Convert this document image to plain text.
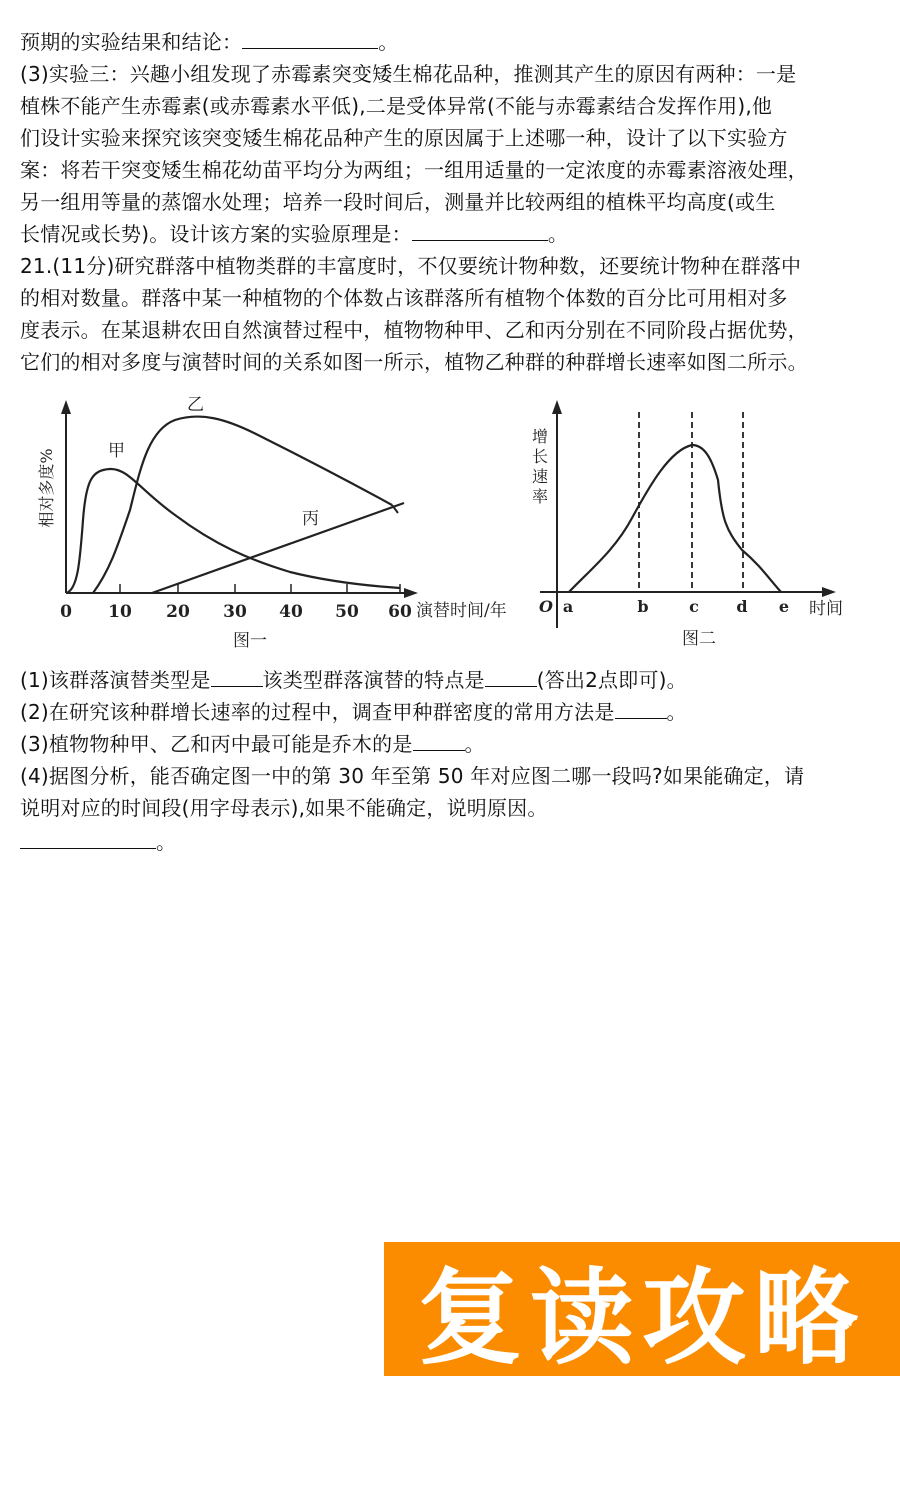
预期的实验结果和结论：	。
(3)实验三：兴趣小组发现了赤霉素突变矮生棉花品种，推测其产生的原因有两种：一是
植株不能产生赤霉素(或赤霉素水平低),二是受体异常(不能与赤霉素结合发挥作用),他
们设计实验来探究该突变矮生棉花品种产生的原因属于上述哪一种，设计了以下实验方
案：将若干突变矮生棉花幼苗平均分为两组；一组用适量的一定浓度的赤霉素溶液处理，
另一组用等量的蒸馏水处理；培养一段时间后，测量并比较两组的植株平均高度(或生
长情况或长势)。设计该方案的实验原理是：	。
21.(11分)研究群落中植物类群的丰富度时，不仅要统计物种数，还要统计物种在群落中
的相对数量。群落中某一种植物的个体数占该群落所有植物个体数的百分比可用相对多
度表示。在某退耕农田自然演替过程中，植物物种甲、乙和丙分别在不同阶段占据优势，
它们的相对多度与演替时间的关系如图一所示，植物乙种群的种群增长速率如图二所示。
0 10 20 30 40 50 60 演替时间/年
相对多度%
图一
甲
乙
丙
O a	b	c d e 时间
增
长
速
率
图二
(1)该群落演替类型是	该类型群落演替的特点是	(答出2点即可)。
(2)在研究该种群增长速率的过程中，调查甲种群密度的常用方法是	。
(3)植物物种甲、乙和丙中最可能是乔木的是	。
(4)据图分析，能否确定图一中的第 30 年至第 50 年对应图二哪一段吗?如果能确定，请
说明对应的时间段(用字母表示),如果不能确定，说明原因。
。
复读攻略
